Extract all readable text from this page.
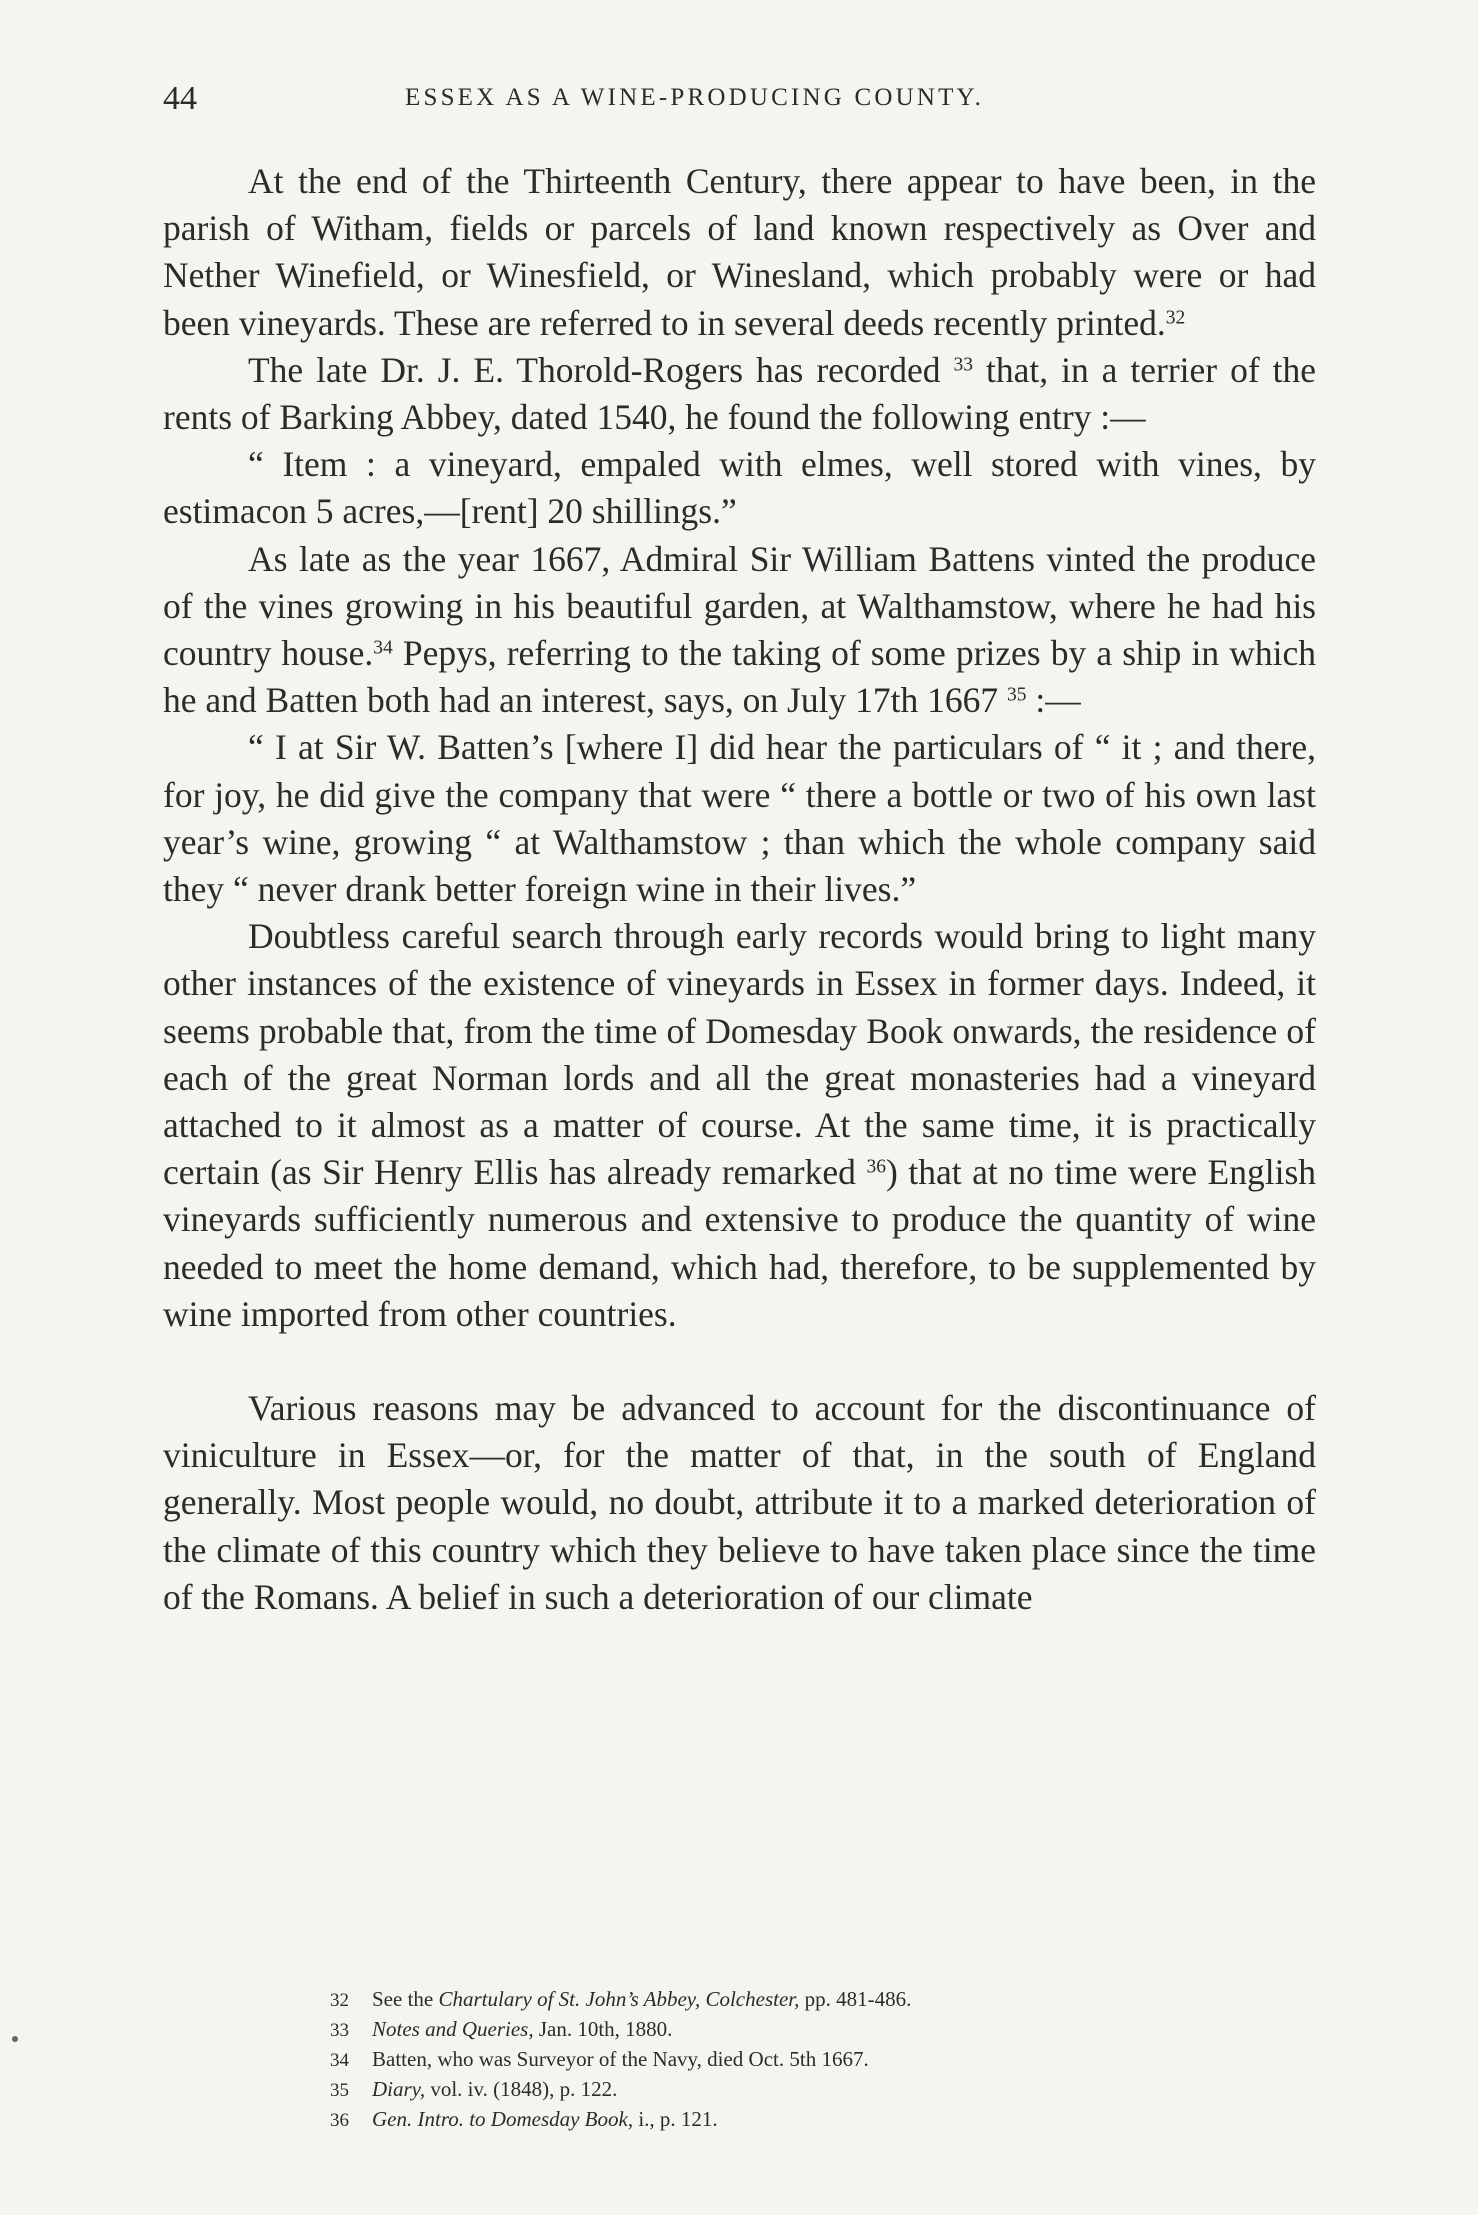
44	ESSEX AS A WINE-PRODUCING COUNTY.

At the end of the Thirteenth Century, there appear to have been, in the parish of Witham, fields or parcels of land known respectively as Over and Nether Winefield, or Winesfield, or Winesland, which probably were or had been vineyards. These are referred to in several deeds recently printed.$^{32}$

The late Dr. J. E. Thorold-Rogers has recorded $^{33}$ that, in a terrier of the rents of Barking Abbey, dated 1540, he found the following entry :—

“ Item : a vineyard, empaled with elmes, well stored with vines, by estimacon 5 acres,—[rent] 20 shillings.”

As late as the year 1667, Admiral Sir William Battens vinted the produce of the vines growing in his beautiful garden, at Walthamstow, where he had his country house.$^{34}$ Pepys, referring to the taking of some prizes by a ship in which he and Batten both had an interest, says, on July 17th 1667 $^{35}$ :—

“ I at Sir W. Batten’s [where I] did hear the particulars of “ it ; and there, for joy, he did give the company that were “ there a bottle or two of his own last year’s wine, growing “ at Walthamstow ; than which the whole company said they “ never drank better foreign wine in their lives.”

Doubtless careful search through early records would bring to light many other instances of the existence of vineyards in Essex in former days. Indeed, it seems probable that, from the time of Domesday Book onwards, the residence of each of the great Norman lords and all the great monasteries had a vineyard attached to it almost as a matter of course. At the same time, it is practically certain (as Sir Henry Ellis has already remarked $^{36}$) that at no time were English vineyards sufficiently numerous and extensive to produce the quantity of wine needed to meet the home demand, which had, therefore, to be supplemented by wine imported from other countries.

Various reasons may be advanced to account for the discontinuance of viniculture in Essex—or, for the matter of that, in the south of England generally. Most people would, no doubt, attribute it to a marked deterioration of the climate of this country which they believe to have taken place since the time of the Romans. A belief in such a deterioration of our climate

32 See the Chartulary of St. John’s Abbey, Colchester, pp. 481-486.
33 Notes and Queries, Jan. 10th, 1880.
34 Batten, who was Surveyor of the Navy, died Oct. 5th 1667.
35 Diary, vol. iv. (1848), p. 122.
36 Gen. Intro. to Domesday Book, i., p. 121.
